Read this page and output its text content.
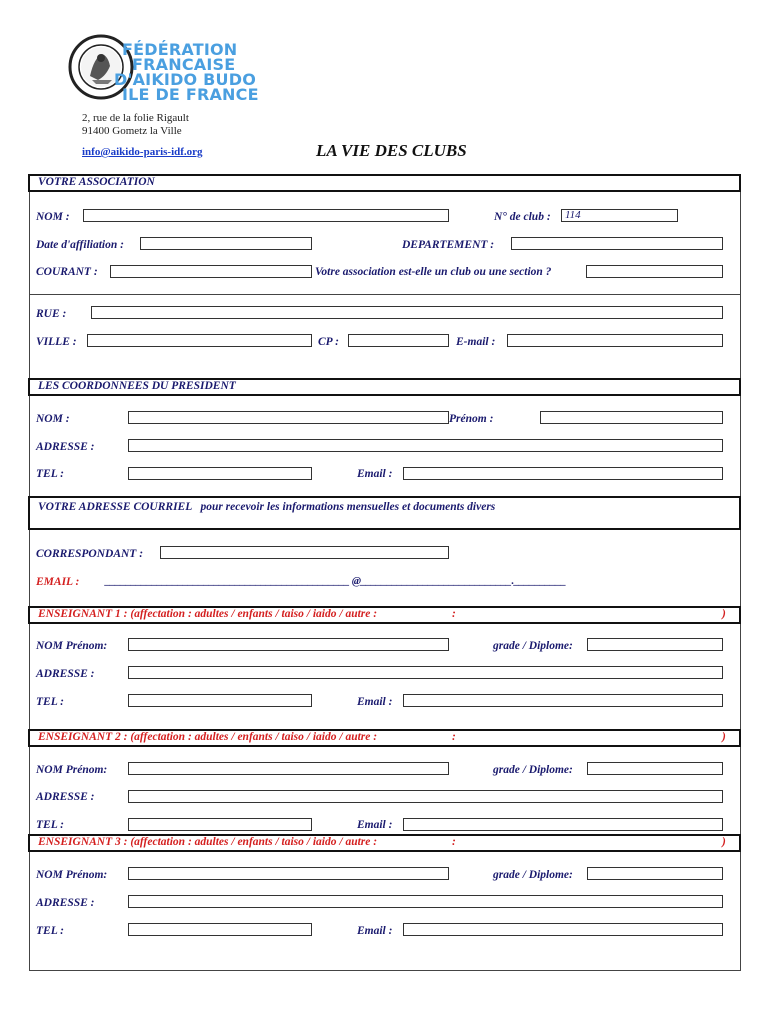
FÉDÉRATION
FRANCAISE
D'AIKIDO BUDO
ILE DE FRANCE
2, rue de la folie Rigault
91400 Gometz la Ville
info@aikido-paris-idf.org	LA VIE DES CLUBS
VOTRE ASSOCIATION
NOM :	N° de club :	114
Date d'affiliation :	DEPARTEMENT :
COURANT :	Votre association est-elle un club ou une section ?
RUE :
VILLE :	CP :	E-mail :
LES COORDONNEES DU PRESIDENT
NOM :	Prénom :
ADRESSE :
TEL :	Email :
VOTRE ADRESSE COURRIEL pour recevoir les informations mensuelles et documents divers
CORRESPONDANT :
EMAIL : _______________________________________________ @_____________________________.__________
ENSEIGNANT 1 : (affectation : adultes / enfants / taiso / iaido / autre :	:	)
NOM Prénom:	grade / Diplome:
ADRESSE :
TEL :	Email :
ENSEIGNANT 2 : (affectation : adultes / enfants / taiso / iaido / autre :	:	)
NOM Prénom:	grade / Diplome:
ADRESSE :
TEL :	Email :
ENSEIGNANT 3 : (affectation : adultes / enfants / taiso / iaido / autre :	:	)
NOM Prénom:	grade / Diplome:
ADRESSE :
TEL :	Email :
